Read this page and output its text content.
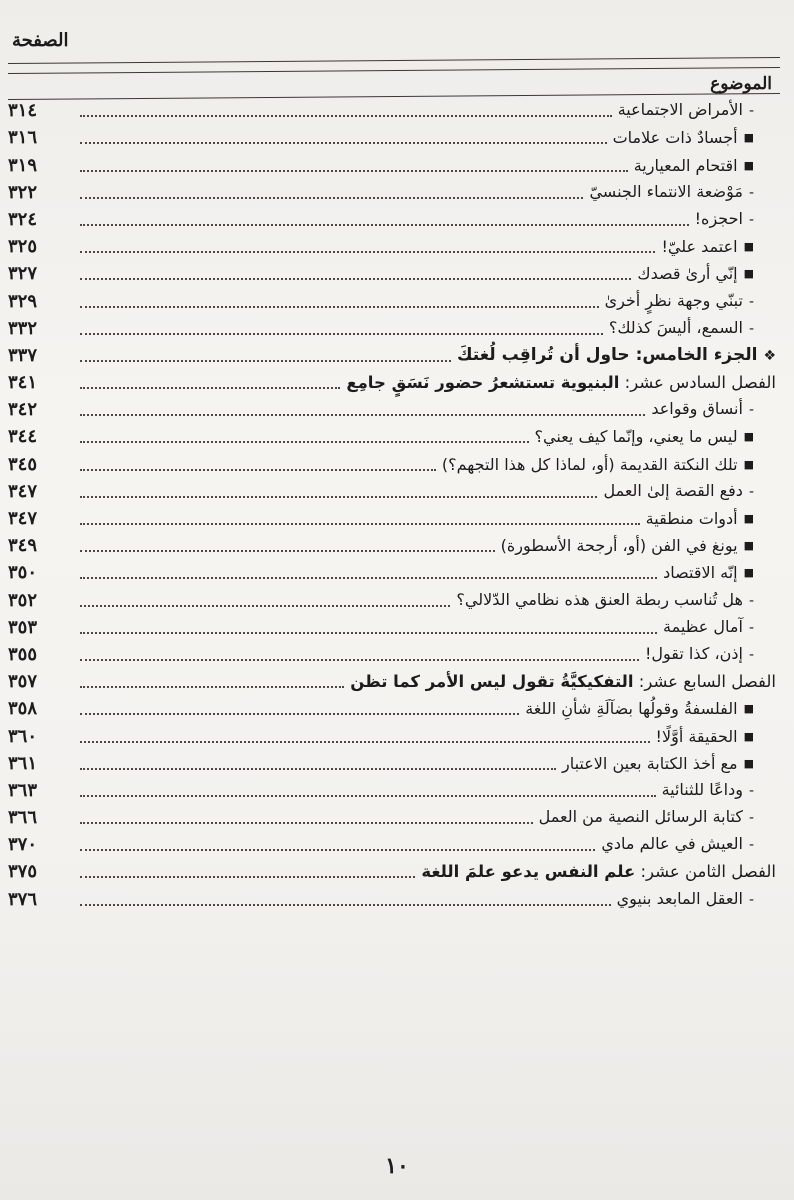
الصفحة
الموضوع
-الأمراض الاجتماعية
٣١٤
■أجسادٌ ذات علامات
٣١٦
■اقتحام المعيارية
٣١٩
-مَوْضعة الانتماء الجنسيّ
٣٢٢
-احجزه!
٣٢٤
■اعتمد عليّ!
٣٢٥
■إنّي أرىٰ قصدك
٣٢٧
-تبنّي وجهة نظرٍ أخرىٰ
٣٢٩
-السمع، أليسَ كذلك؟
٣٣٢
❖الجزء الخامس: حاول أن تُراقِب لُغتكَ
٣٣٧
الفصل السادس عشر: البنيوية تستشعرُ حضور نَسَقٍ جامِع
٣٤١
-أنساق وقواعد
٣٤٢
■ليس ما يعني، وإنّما كيف يعني؟
٣٤٤
■تلك النكتة القديمة (أو، لماذا كل هذا التجهم؟)
٣٤٥
-دفع القصة إلىٰ العمل
٣٤٧
■أدوات منطقية
٣٤٧
■يونغ في الفن (أو، أرجحة الأسطورة)
٣٤٩
■إنّه الاقتصاد
٣٥٠
-هل تُناسب ربطة العنق هذه نظامي الدّلالي؟
٣٥٢
-آمال عظيمة
٣٥٣
-إذن، كذا تقول!
٣٥٥
الفصل السابع عشر: التفكيكيَّةُ تقول ليس الأمر كما تظن
٣٥٧
■الفلسفةُ وقولُها بضآلَةِ شأنِ اللغة
٣٥٨
■الحقيقة أوَّلًا!
٣٦٠
■مع أخذ الكتابة بعين الاعتبار
٣٦١
-وداعًا للثنائية
٣٦٣
-كتابة الرسائل النصية من العمل
٣٦٦
-العيش في عالم مادي
٣٧٠
الفصل الثامن عشر: علم النفس يدعو علمَ اللغة
٣٧٥
-العقل المابعد بنيوي
٣٧٦
١٠
